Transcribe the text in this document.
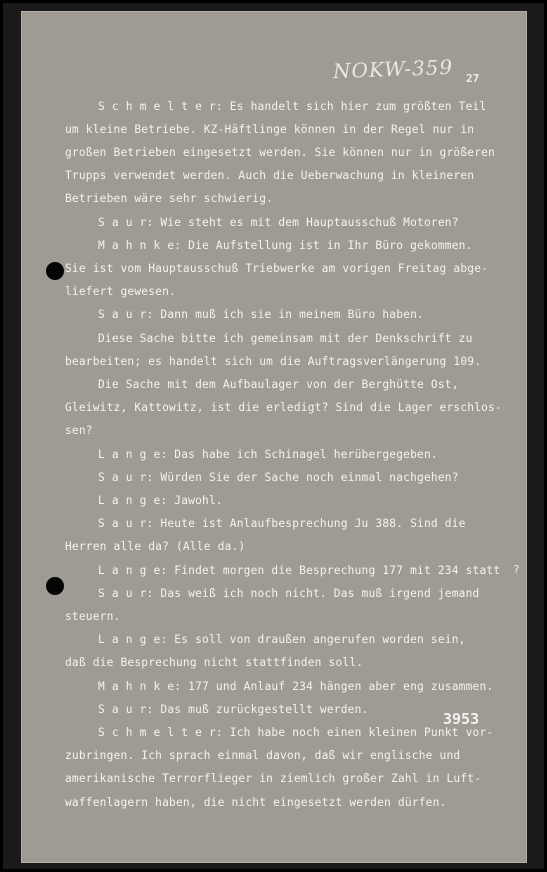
NOKW-359 27
S c h m e l t e r: Es handelt sich hier zum größten Teil
um kleine Betriebe. KZ-Häftlinge können in der Regel nur in
großen Betrieben eingesetzt werden. Sie können nur in größeren
Trupps verwendet werden. Auch die Ueberwachung in kleineren
Betrieben wäre sehr schwierig.
S a u r: Wie steht es mit dem Hauptausschuß Motoren?
M a h n k e: Die Aufstellung ist in Ihr Büro gekommen.
Sie ist vom Hauptausschuß Triebwerke am vorigen Freitag abge-
liefert gewesen.
S a u r: Dann muß ich sie in meinem Büro haben.
Diese Sache bitte ich gemeinsam mit der Denkschrift zu
bearbeiten; es handelt sich um die Auftragsverlängerung 109.
Die Sache mit dem Aufbaulager von der Berghütte Ost,
Gleiwitz, Kattowitz, ist die erledigt? Sind die Lager erschlos-
sen?
L a n g e: Das habe ich Schinagel herübergegeben.
S a u r: Würden Sie der Sache noch einmal nachgehen?
L a n g e: Jawohl.
S a u r: Heute ist Anlaufbesprechung Ju 388. Sind die
Herren alle da? (Alle da.)
L a n g e: Findet morgen die Besprechung 177 mit 234 statt ?
S a u r: Das weiß ich noch nicht. Das muß irgend jemand
steuern.
L a n g e: Es soll von draußen angerufen worden sein,
daß die Besprechung nicht stattfinden soll.
M a h n k e: 177 und Anlauf 234 hängen aber eng zusammen.
S a u r: Das muß zurückgestellt werden.
3953
S c h m e l t e r: Ich habe noch einen kleinen Punkt vor-
zubringen. Ich sprach einmal davon, daß wir englische und
amerikanische Terrorflieger in ziemlich großer Zahl in Luft-
waffenlagern haben, die nicht eingesetzt werden dürfen.
